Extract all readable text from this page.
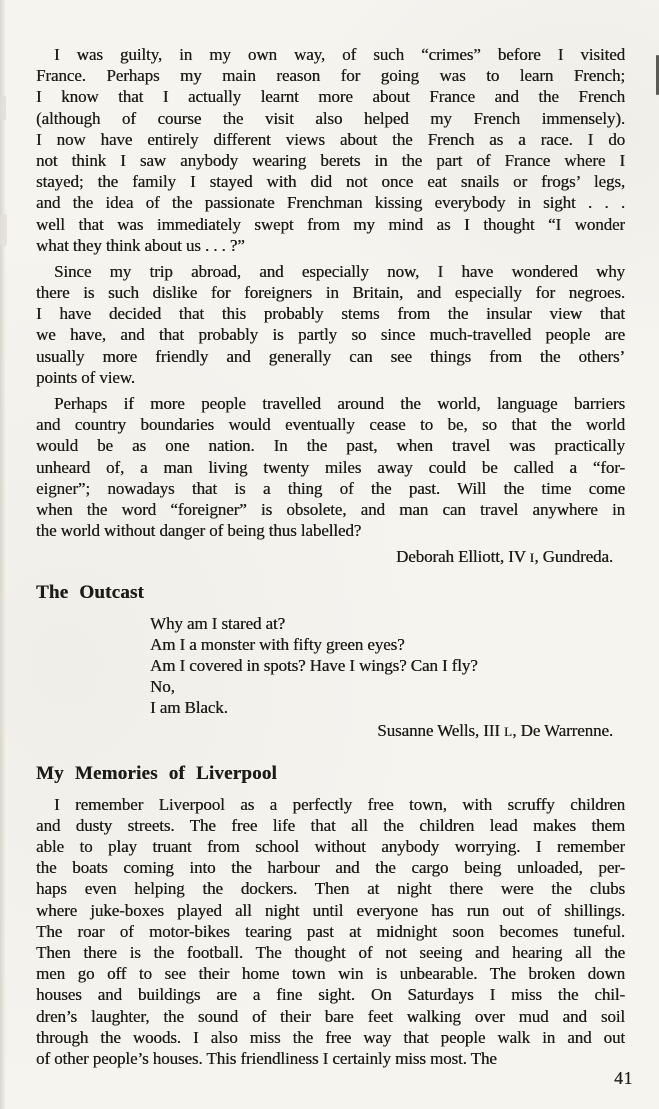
I was guilty, in my own way, of such “crimes” before I visited
France. Perhaps my main reason for going was to learn French;
I know that I actually learnt more about France and the French
(although of course the visit also helped my French immensely).
I now have entirely different views about the French as a race. I do
not think I saw anybody wearing berets in the part of France where I
stayed; the family I stayed with did not once eat snails or frogs’ legs,
and the idea of the passionate Frenchman kissing everybody in sight . . .
well that was immediately swept from my mind as I thought “I wonder
what they think about us . . . ?”
Since my trip abroad, and especially now, I have wondered why
there is such dislike for foreigners in Britain, and especially for negroes.
I have decided that this probably stems from the insular view that
we have, and that probably is partly so since much-travelled people are
usually more friendly and generally can see things from the others’
points of view.
Perhaps if more people travelled around the world, language barriers
and country boundaries would eventually cease to be, so that the world
would be as one nation. In the past, when travel was practically
unheard of, a man living twenty miles away could be called a “for-
eigner”; nowadays that is a thing of the past. Will the time come
when the word “foreigner” is obsolete, and man can travel anywhere in
the world without danger of being thus labelled?
Deborah Elliott, IV I, Gundreda.
The Outcast
Why am I stared at?
Am I a monster with fifty green eyes?
Am I covered in spots? Have I wings? Can I fly?
No,
I am Black.
Susanne Wells, III L, De Warrenne.
My Memories of Liverpool
I remember Liverpool as a perfectly free town, with scruffy children
and dusty streets. The free life that all the children lead makes them
able to play truant from school without anybody worrying. I remember
the boats coming into the harbour and the cargo being unloaded, per-
haps even helping the dockers. Then at night there were the clubs
where juke-boxes played all night until everyone has run out of shillings.
The roar of motor-bikes tearing past at midnight soon becomes tuneful.
Then there is the football. The thought of not seeing and hearing all the
men go off to see their home town win is unbearable. The broken down
houses and buildings are a fine sight. On Saturdays I miss the chil-
dren’s laughter, the sound of their bare feet walking over mud and soil
through the woods. I also miss the free way that people walk in and out
of other people’s houses. This friendliness I certainly miss most. The
41
